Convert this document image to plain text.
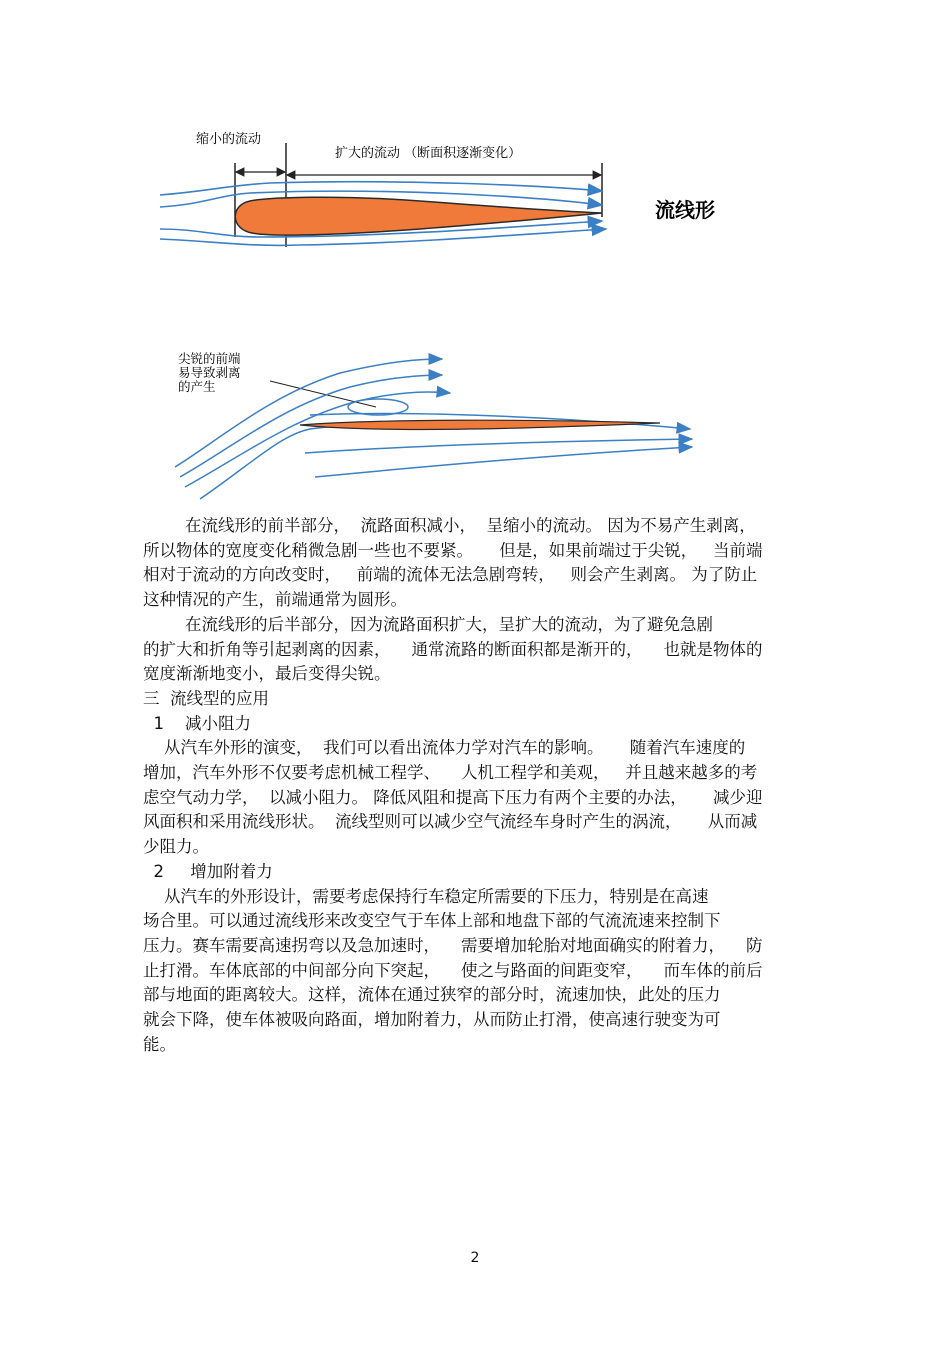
缩小的流动
扩大的流动 （断面积逐渐变化）
流线形
尖锐的前端
易导致剥离
的产生

在流线形的前半部分，  流路面积减小，  呈缩小的流动。 因为不易产生剥离，

所以物体的宽度变化稍微急剧一些也不要紧。     但是，如果前端过于尖锐，   当前端

相对于流动的方向改变时，   前端的流体无法急剧弯转，   则会产生剥离。 为了防止

这种情况的产生，前端通常为圆形。

在流线形的后半部分，因为流路面积扩大，呈扩大的流动，为了避免急剧

的扩大和折角等引起剥离的因素，    通常流路的断面积都是渐开的，    也就是物体的

宽度渐渐地变小，最后变得尖锐。

三  流线型的应用

1    减小阻力

从汽车外形的演变，  我们可以看出流体力学对汽车的影响。     随着汽车速度的

增加，汽车外形不仅要考虑机械工程学、    人机工程学和美观，   并且越来越多的考

虑空气动力学，  以减小阻力。 降低风阻和提高下压力有两个主要的办法，     减少迎

风面积和采用流线形状。  流线型则可以减少空气流经车身时产生的涡流，     从而减

少阻力。

2     增加附着力

从汽车的外形设计，需要考虑保持行车稳定所需要的下压力，特别是在高速

场合里。可以通过流线形来改变空气于车体上部和地盘下部的气流流速来控制下

压力。赛车需要高速拐弯以及急加速时，    需要增加轮胎对地面确实的附着力，    防

止打滑。车体底部的中间部分向下突起，    使之与路面的间距变窄，    而车体的前后

部与地面的距离较大。这样，流体在通过狭窄的部分时，流速加快，此处的压力

就会下降，使车体被吸向路面，增加附着力，从而防止打滑，使高速行驶变为可

能。

2
